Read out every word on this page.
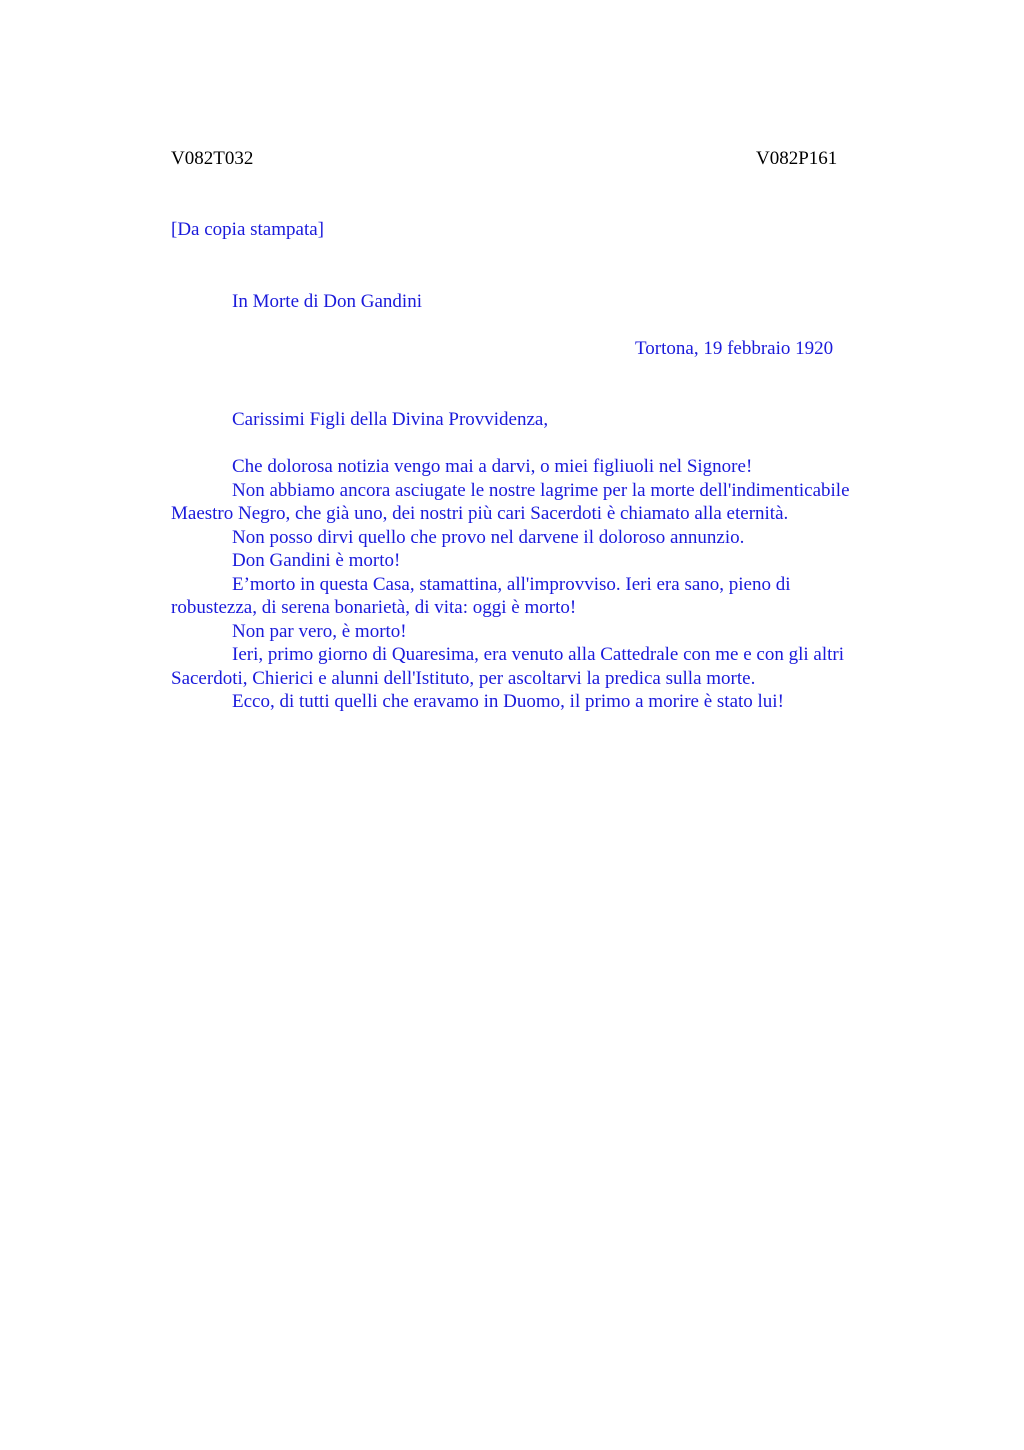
V082T032	V082P161
[Da copia stampata]
In Morte di Don Gandini
Tortona, 19 febbraio 1920
Carissimi Figli della Divina Provvidenza,

Che dolorosa notizia vengo mai a darvi, o miei figliuoli nel Signore!

Non abbiamo ancora asciugate le nostre lagrime per la morte dell'indimenticabile
Maestro Negro, che già uno, dei nostri più cari Sacerdoti è chiamato alla eternità.

Non posso dirvi quello che provo nel darvene il doloroso annunzio.

Don Gandini è morto!

E’morto in questa Casa, stamattina, all'improvviso. Ieri era sano, pieno di
robustezza, di serena bonarietà, di vita: oggi è morto!

Non par vero, è morto!

Ieri, primo giorno di Quaresima, era venuto alla Cattedrale con me e con gli altri
Sacerdoti, Chierici e alunni dell'Istituto, per ascoltarvi la predica sulla morte.

Ecco, di tutti quelli che eravamo in Duomo, il primo a morire è stato lui!
